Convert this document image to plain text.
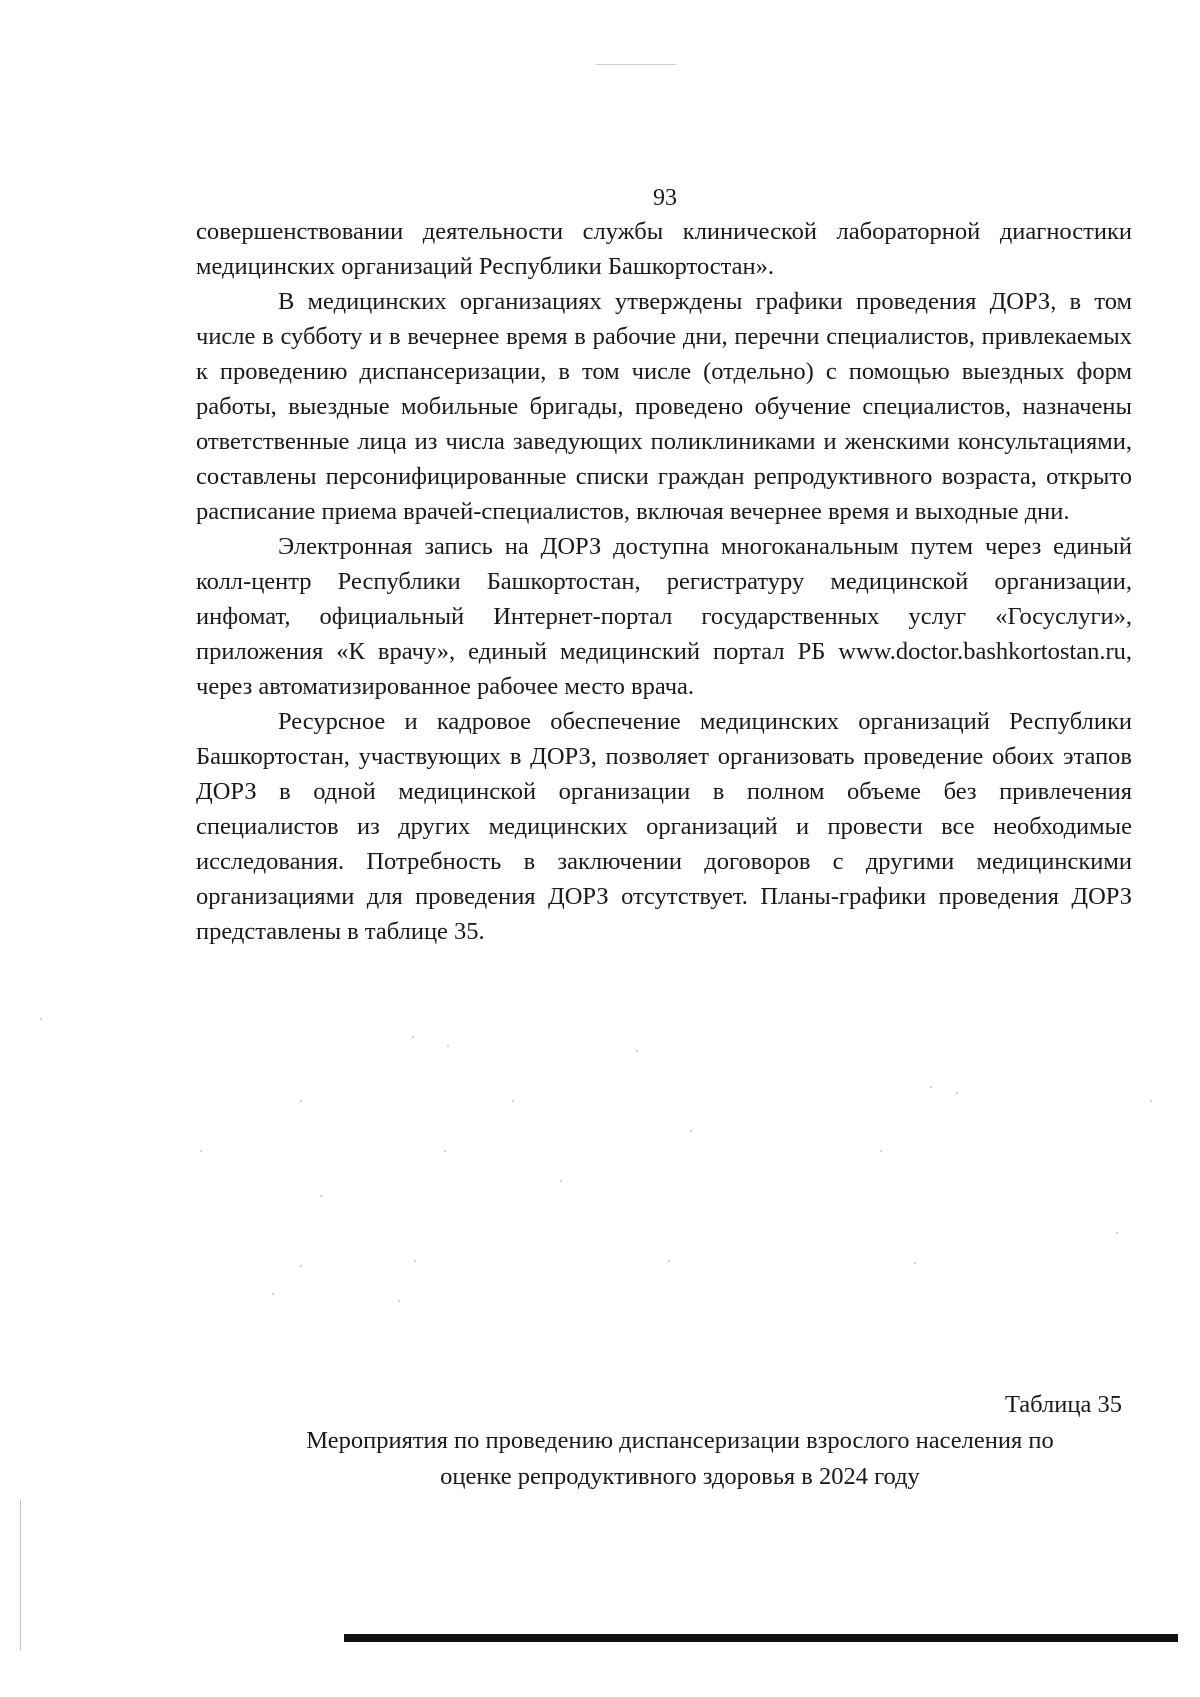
93

совершенствовании деятельности службы клинической лабораторной диагностики медицинских организаций Республики Башкортостан».

В медицинских организациях утверждены графики проведения ДОРЗ, в том числе в субботу и в вечернее время в рабочие дни, перечни специалистов, привлекаемых к проведению диспансеризации, в том числе (отдельно) с помощью выездных форм работы, выездные мобильные бригады, проведено обучение специалистов, назначены ответственные лица из числа заведующих поликлиниками и женскими консультациями, составлены персонифицированные списки граждан репродуктивного возраста, открыто расписание приема врачей-специалистов, включая вечернее время и выходные дни.

Электронная запись на ДОРЗ доступна многоканальным путем через единый колл-центр Республики Башкортостан, регистратуру медицинской организации, инфомат, официальный Интернет-портал государственных услуг «Госуслуги», приложения «К врачу», единый медицинский портал РБ www.doctor.bashkortostan.ru, через автоматизированное рабочее место врача.

Ресурсное и кадровое обеспечение медицинских организаций Республики Башкортостан, участвующих в ДОРЗ, позволяет организовать проведение обоих этапов ДОРЗ в одной медицинской организации в полном объеме без привлечения специалистов из других медицинских организаций и провести все необходимые исследования. Потребность в заключении договоров с другими медицинскими организациями для проведения ДОРЗ отсутствует. Планы-графики проведения ДОРЗ представлены в таблице 35.

Таблица 35
Мероприятия по проведению диспансеризации взрослого населения по
оценке репродуктивного здоровья в 2024 году
